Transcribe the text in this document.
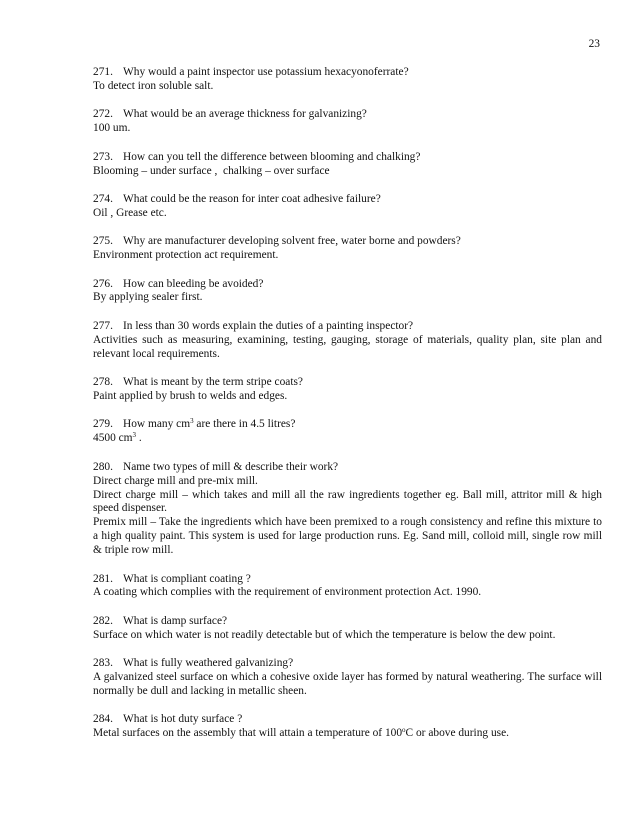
23

271. Why would a paint inspector use potassium hexacyonoferrate?

To detect iron soluble salt.

272. What would be an average thickness for galvanizing?

100 um.

273. How can you tell the difference between blooming and chalking?

Blooming – under surface ,  chalking – over surface

274. What could be the reason for inter coat adhesive failure?

Oil , Grease etc.

275. Why are manufacturer developing solvent free, water borne and powders?

Environment protection act requirement.

276. How can bleeding be avoided?

By applying sealer first.

277. In less than 30 words explain the duties of a painting inspector?

Activities such as measuring, examining, testing, gauging, storage of materials, quality plan, site plan and relevant local requirements.

278. What is meant by the term stripe coats?

Paint applied by brush to welds and edges.

279. How many $cm^3$ are there in 4.5 litres?

4500 $cm^3$ .

280. Name two types of mill & describe their work?

Direct charge mill and pre-mix mill.

Direct charge mill – which takes and mill all the raw ingredients together eg. Ball mill, attritor mill & high speed dispenser.

Premix mill – Take the ingredients which have been premixed to a rough consistency and refine this mixture to a high quality paint. This system is used for large production runs. Eg. Sand mill, colloid mill, single row mill & triple row mill.

281. What is compliant coating ?

A coating which complies with the requirement of environment protection Act. 1990.

282. What is damp surface?

Surface on which water is not readily detectable but of which the temperature is below the dew point.

283. What is fully weathered galvanizing?

A galvanized steel surface on which a cohesive oxide layer has formed by natural weathering. The surface will normally be dull and lacking in metallic sheen.

284. What is hot duty surface ?

Metal surfaces on the assembly that will attain a temperature of 100$^o$C or above during use.
